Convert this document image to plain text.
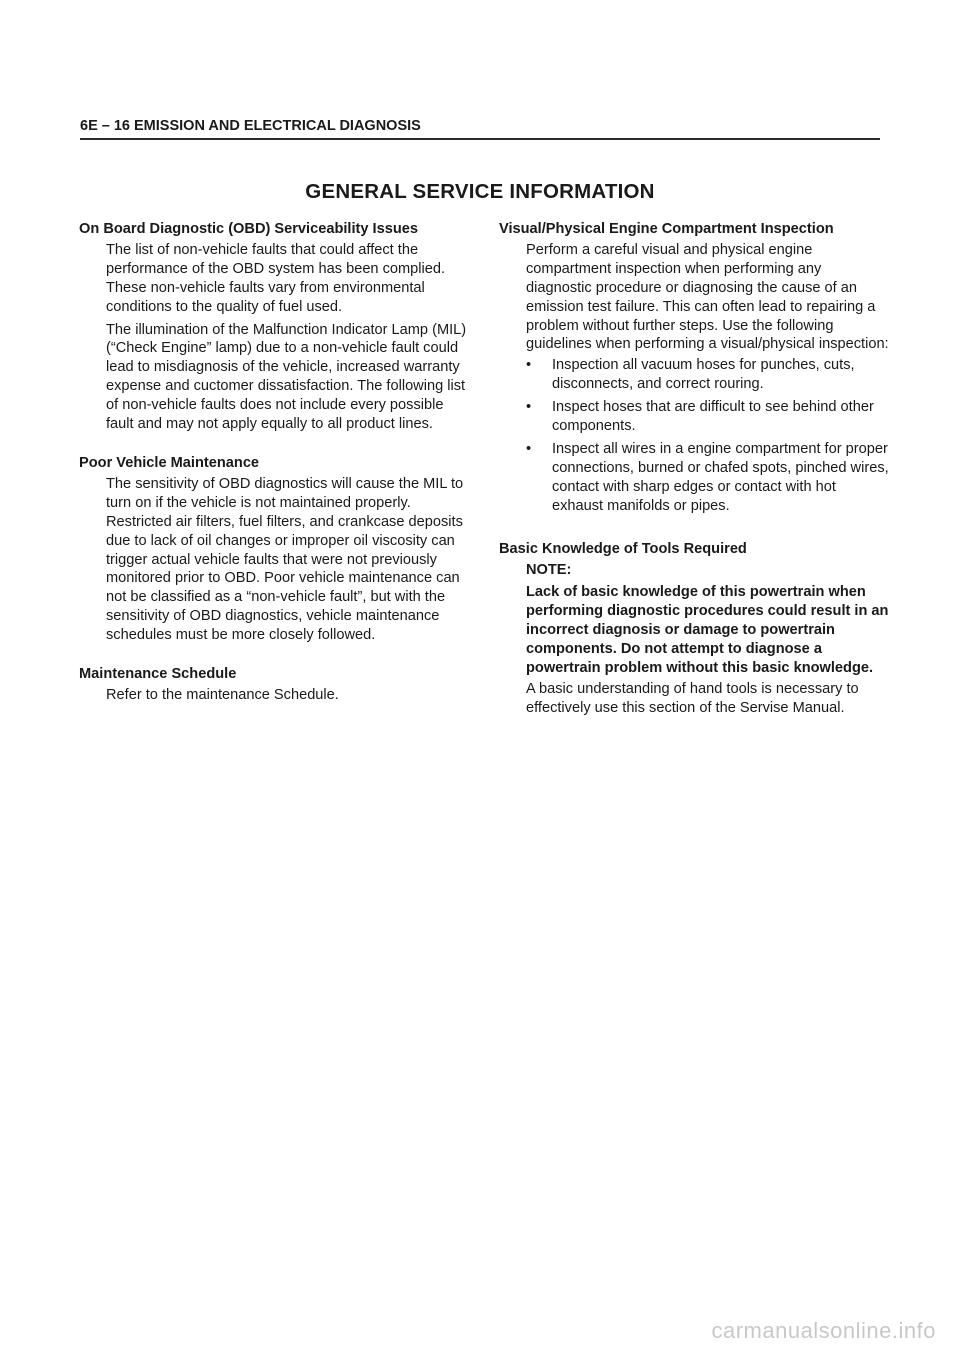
6E – 16 EMISSION AND ELECTRICAL DIAGNOSIS
GENERAL SERVICE INFORMATION

On Board Diagnostic (OBD) Serviceability Issues

The list of non-vehicle faults that could affect the performance of the OBD system has been complied. These non-vehicle faults vary from environmental conditions to the quality of fuel used.

The illumination of the Malfunction Indicator Lamp (MIL) (“Check Engine” lamp) due to a non-vehicle fault could lead to misdiagnosis of the vehicle, increased warranty expense and cuctomer dissatisfaction. The following list of non-vehicle faults does not include every possible fault and may not apply equally to all product lines.

Poor Vehicle Maintenance

The sensitivity of OBD diagnostics will cause the MIL to turn on if the vehicle is not maintained properly. Restricted air filters, fuel filters, and crankcase deposits due to lack of oil changes or improper oil viscosity can trigger actual vehicle faults that were not previously monitored prior to OBD. Poor vehicle maintenance can not be classified as a “non-vehicle fault”, but with the sensitivity of OBD diagnostics, vehicle maintenance schedules must be more closely followed.

Maintenance Schedule

Refer to the maintenance Schedule.

Visual/Physical Engine Compartment Inspection

Perform a careful visual and physical engine compartment inspection when performing any diagnostic procedure or diagnosing the cause of an emission test failure. This can often lead to repairing a problem without further steps. Use the following guidelines when performing a visual/physical inspection:

• Inspection all vacuum hoses for punches, cuts, disconnects, and correct rouring.
• Inspect hoses that are difficult to see behind other components.
• Inspect all wires in a engine compartment for proper connections, burned or chafed spots, pinched wires, contact with sharp edges or contact with hot exhaust manifolds or pipes.

Basic Knowledge of Tools Required

NOTE:

Lack of basic knowledge of this powertrain when performing diagnostic procedures could result in an incorrect diagnosis or damage to powertrain components. Do not attempt to diagnose a powertrain problem without this basic knowledge.

A basic understanding of hand tools is necessary to effectively use this section of the Servise Manual.

carmanualsonline.info
